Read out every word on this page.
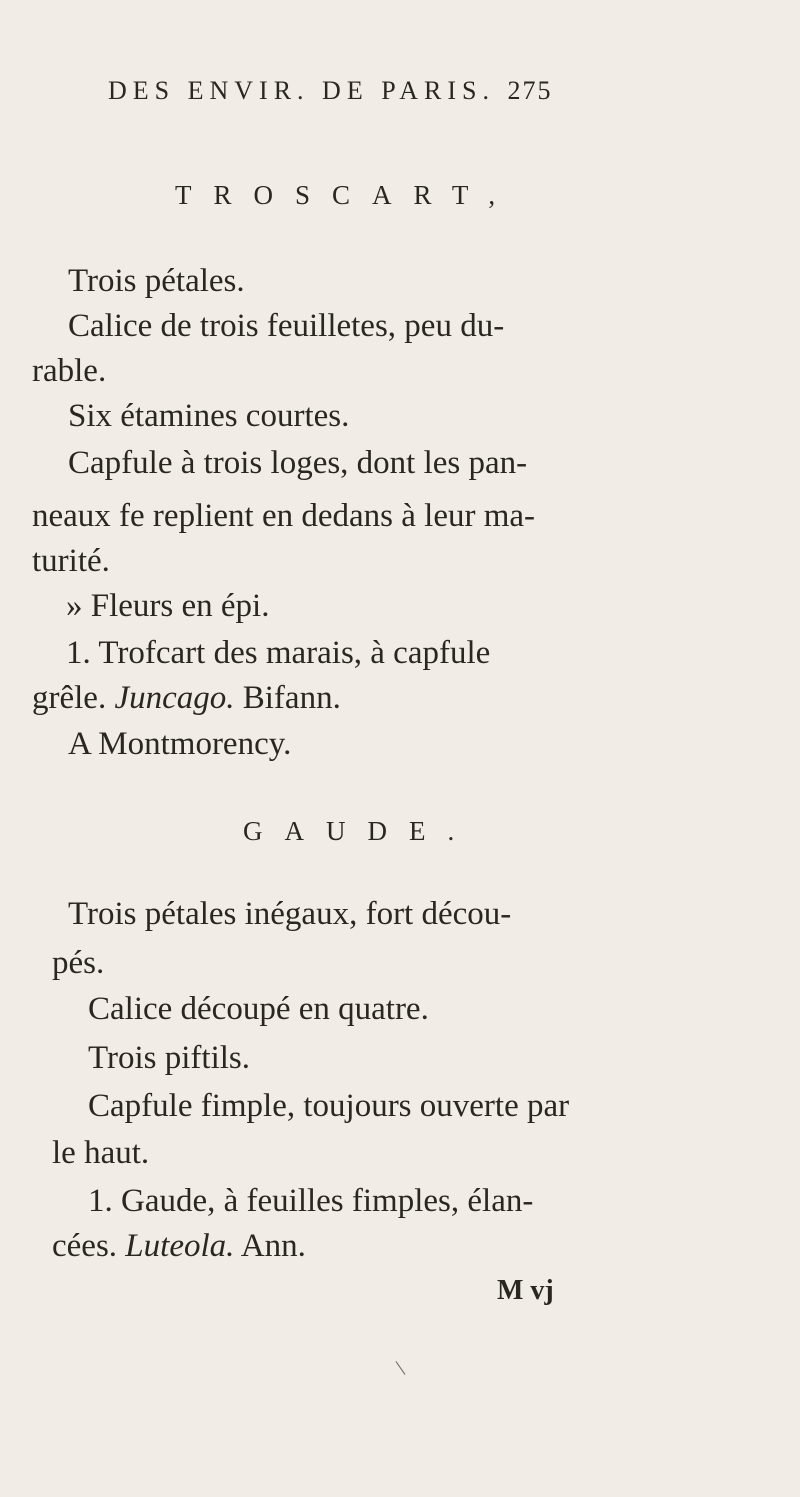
DES ENVIR. DE PARIS. 275
TROSCART,
Trois pétales.
Calice de trois feuilletes, peu du-
rable.
Six étamines courtes.
Capfule à trois loges, dont les pan-
neaux fe replient en dedans à leur ma-
turité.
» Fleurs en épi.
1. Trofcart des marais, à capfule
grêle. Juncago. Bifann.
A Montmorency.
GAUDE.
Trois pétales inégaux, fort décou-
pés.
Calice découpé en quatre.
Trois piftils.
Capfule fimple, toujours ouverte par
le haut.
1. Gaude, à feuilles fimples, élan-
cées. Luteola. Ann.
M vj
